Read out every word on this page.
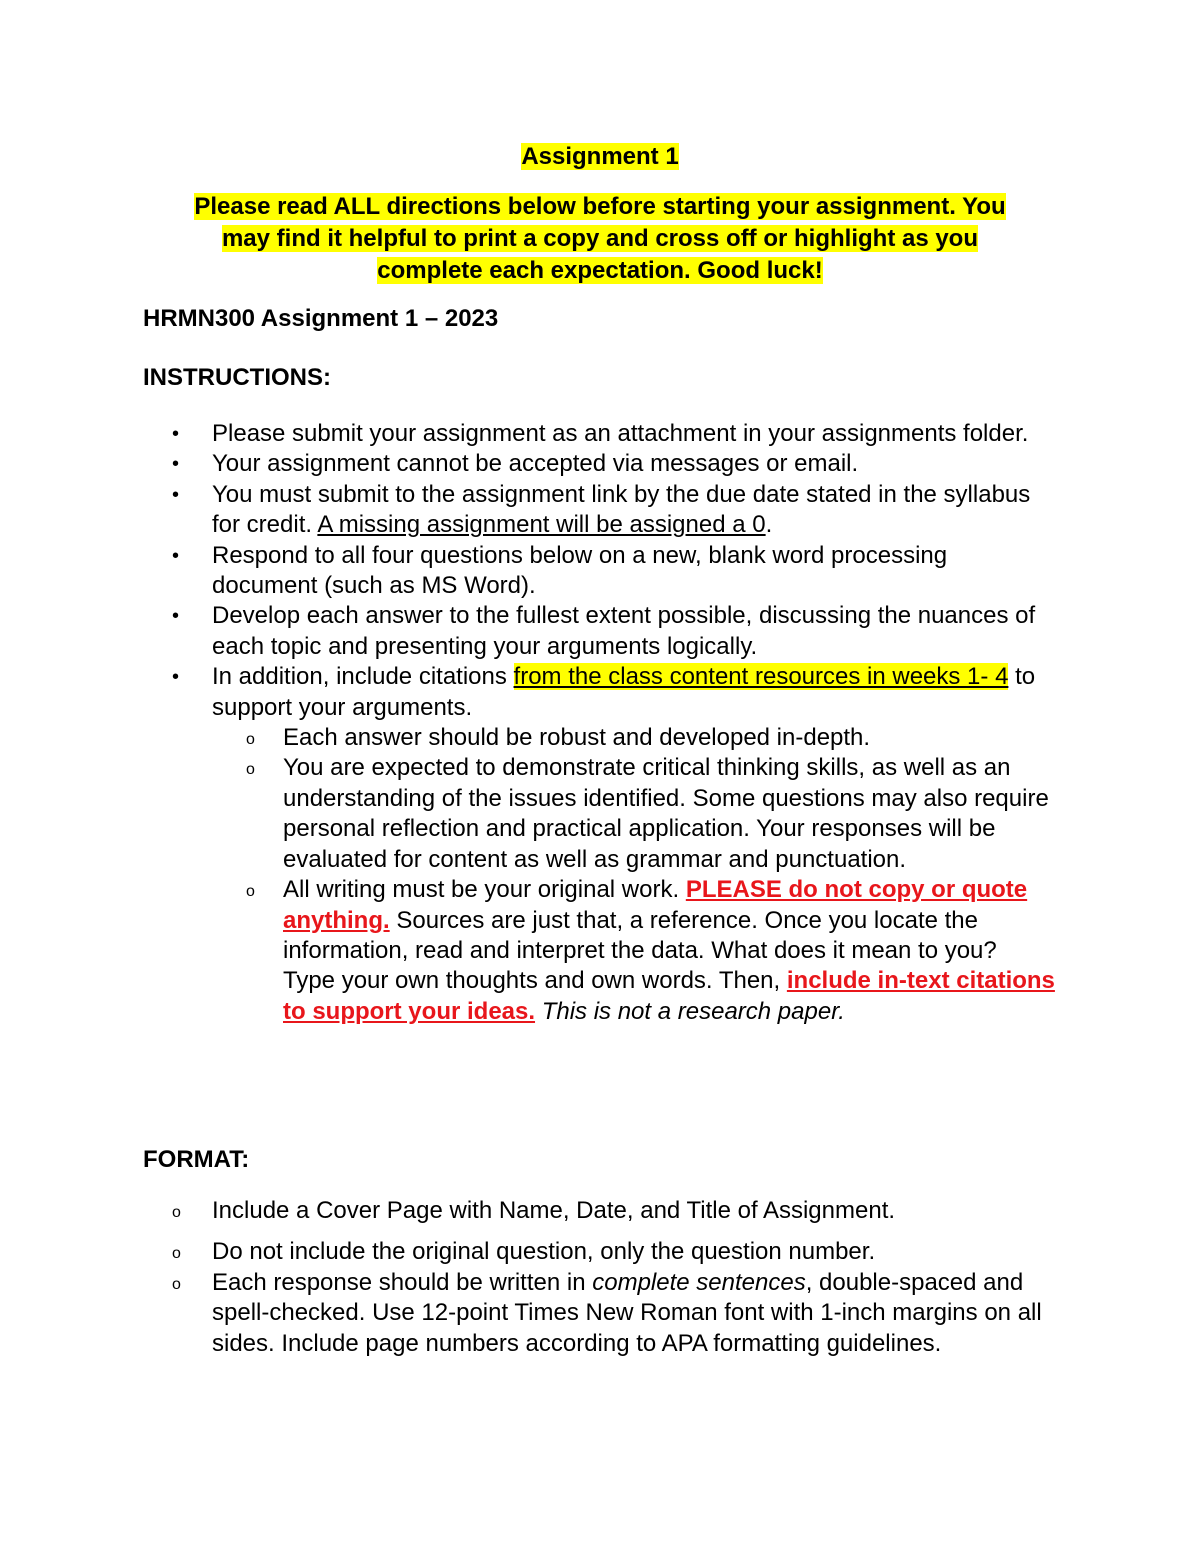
Assignment 1
Please read ALL directions below before starting your assignment. You
may find it helpful to print a copy and cross off or highlight as you
complete each expectation. Good luck!
HRMN300 Assignment 1 – 2023
INSTRUCTIONS:
• Please submit your assignment as an attachment in your assignments folder.
• Your assignment cannot be accepted via messages or email.
• You must submit to the assignment link by the due date stated in the syllabus for credit. A missing assignment will be assigned a 0.
• Respond to all four questions below on a new, blank word processing document (such as MS Word).
• Develop each answer to the fullest extent possible, discussing the nuances of each topic and presenting your arguments logically.
• In addition, include citations from the class content resources in weeks 1- 4 to support your arguments.
o Each answer should be robust and developed in-depth.
o You are expected to demonstrate critical thinking skills, as well as an understanding of the issues identified. Some questions may also require personal reflection and practical application. Your responses will be evaluated for content as well as grammar and punctuation.
o All writing must be your original work. PLEASE do not copy or quote anything. Sources are just that, a reference. Once you locate the information, read and interpret the data. What does it mean to you? Type your own thoughts and own words. Then, include in-text citations to support your ideas. This is not a research paper.
FORMAT:
o Include a Cover Page with Name, Date, and Title of Assignment.
o Do not include the original question, only the question number.
o Each response should be written in complete sentences, double-spaced and spell-checked. Use 12-point Times New Roman font with 1-inch margins on all sides. Include page numbers according to APA formatting guidelines.
